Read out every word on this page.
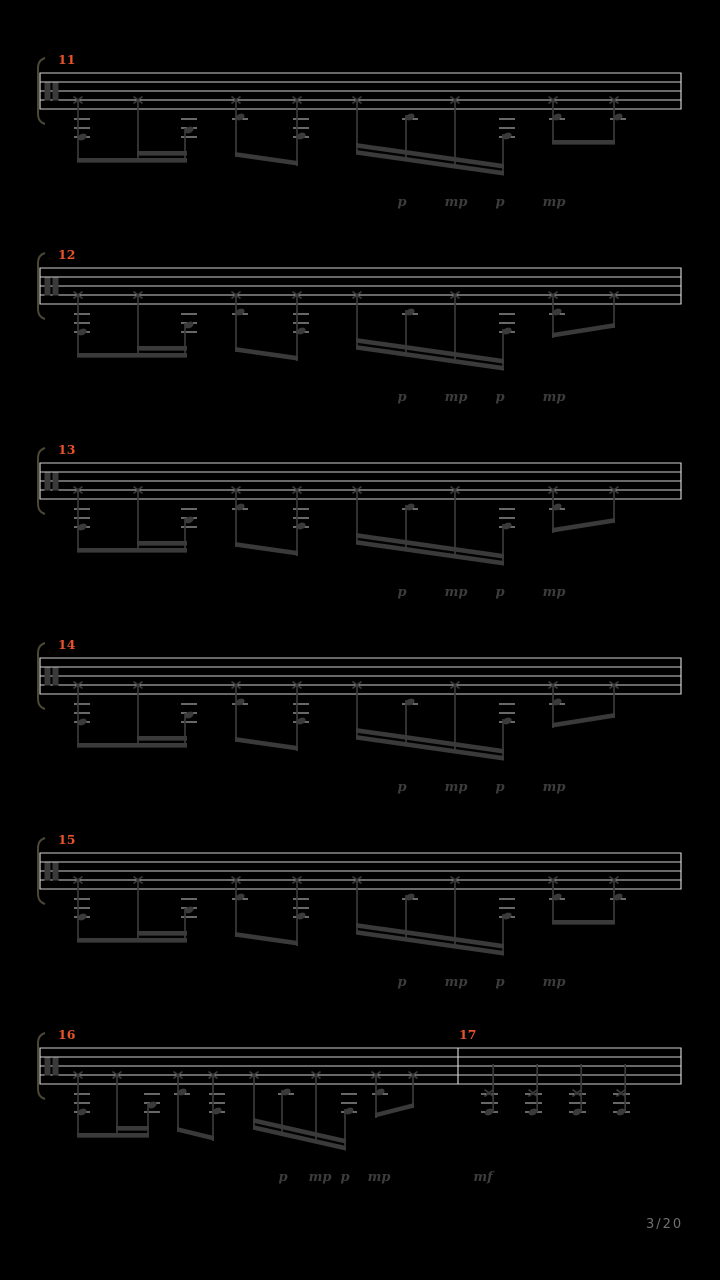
11
p	mp p	mp
12
p	mp p	mp
13
p	mp p	mp
14
p	mp p	mp
15
p	mp p	mp
16	17
p mp p mp	mf
3/20
